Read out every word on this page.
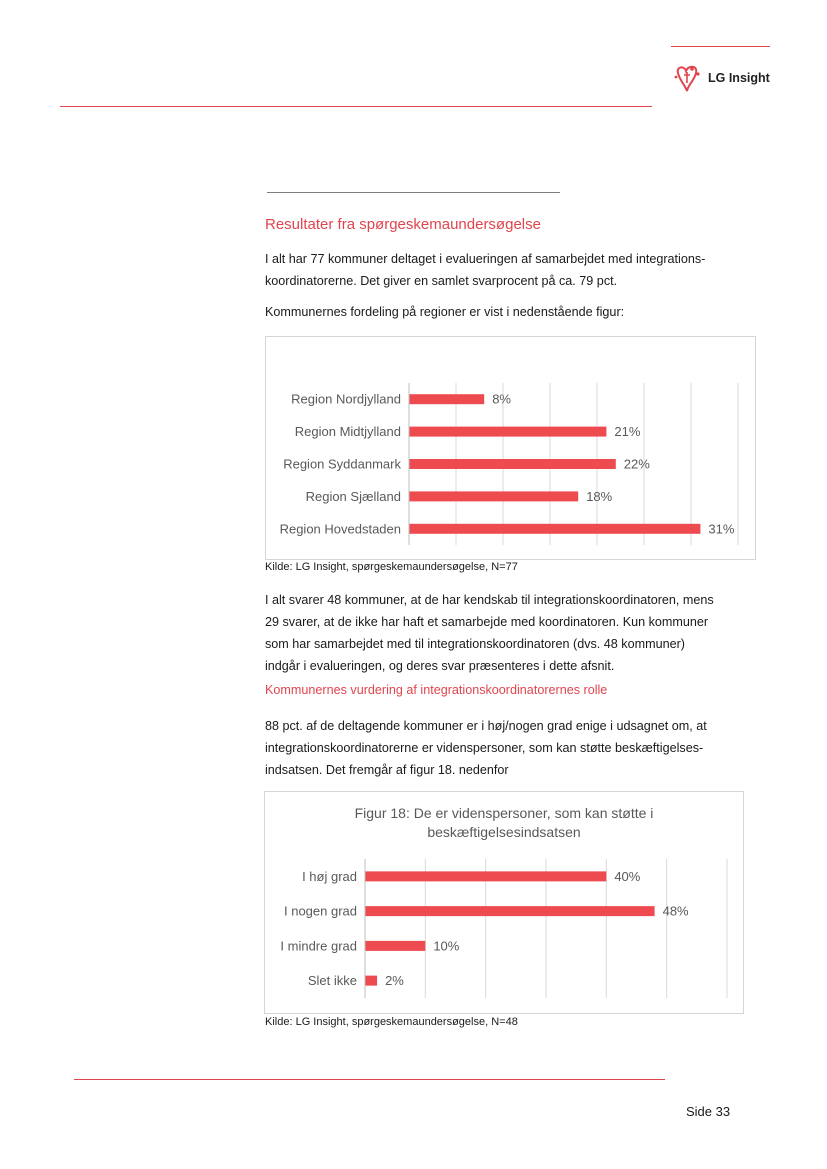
LG Insight
Resultater fra spørgeskemaundersøgelse
I alt har 77 kommuner deltaget i evalueringen af samarbejdet med integrations-
koordinatorerne. Det giver en samlet svarprocent på ca. 79 pct.
Kommunernes fordeling på regioner er vist i nedenstående figur:
Region Nordjylland	8%
Region Midtjylland	21%
Region Syddanmark	22%
Region Sjælland	18%
Region Hovedstaden	31%
Kilde: LG Insight, spørgeskemaundersøgelse, N=77
I alt svarer 48 kommuner, at de har kendskab til integrationskoordinatoren, mens
29 svarer, at de ikke har haft et samarbejde med koordinatoren. Kun kommuner
som har samarbejdet med til integrationskoordinatoren (dvs. 48 kommuner)
indgår i evalueringen, og deres svar præsenteres i dette afsnit.
Kommunernes vurdering af integrationskoordinatorernes rolle
88 pct. af de deltagende kommuner er i høj/nogen grad enige i udsagnet om, at
integrationskoordinatorerne er videnspersoner, som kan støtte beskæftigelses-
indsatsen. Det fremgår af figur 18. nedenfor
Figur 18: De er videnspersoner, som kan støtte i
beskæftigelsesindsatsen
I høj grad	40%
I nogen grad	48%
I mindre grad	10%
Slet ikke 2%
Kilde: LG Insight, spørgeskemaundersøgelse, N=48
Side 33
